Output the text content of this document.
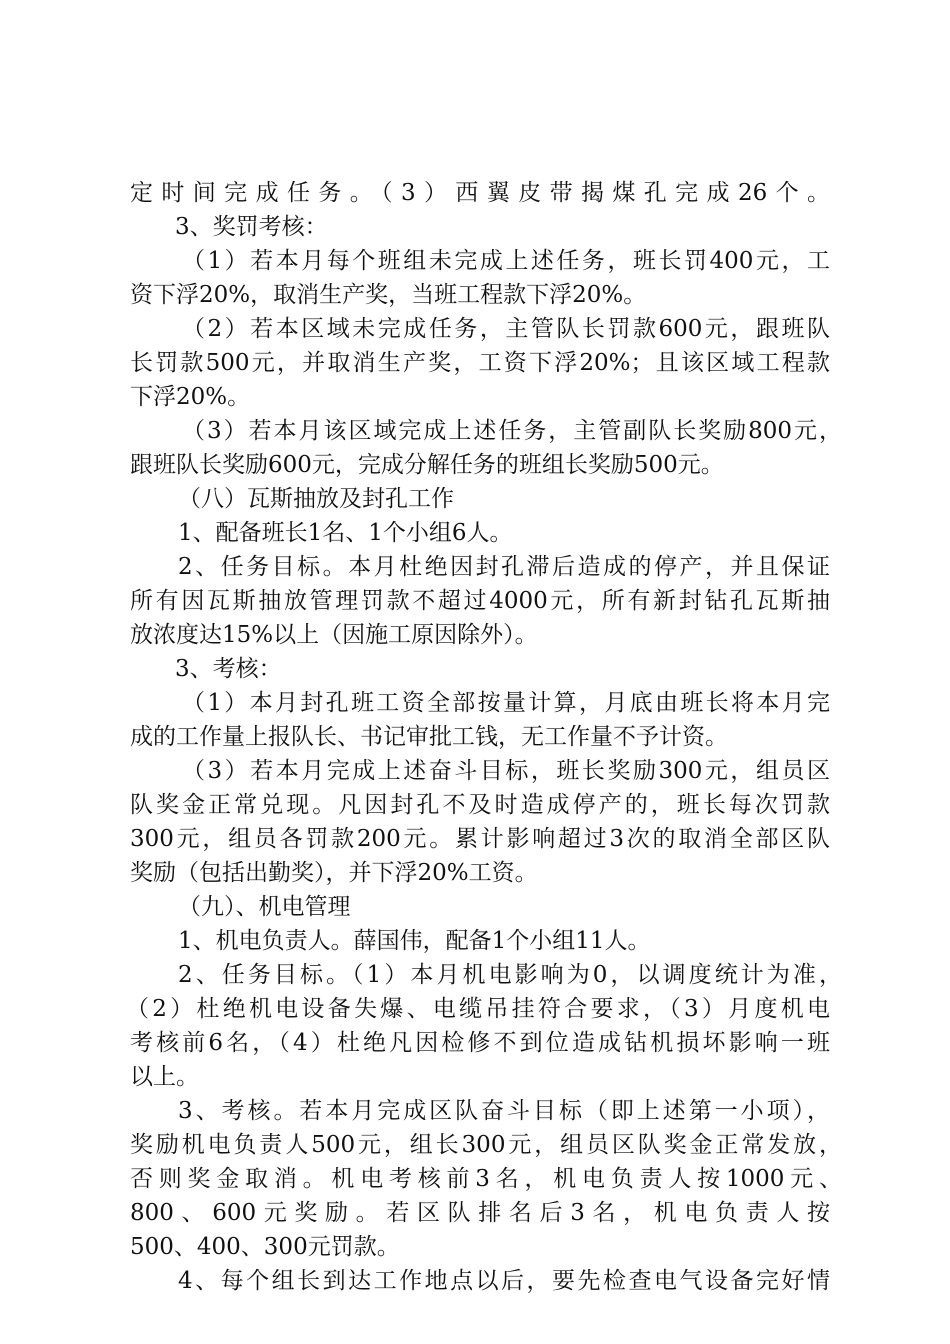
定时间完成任务。（3）西翼皮带揭煤孔完成26个。
3、奖罚考核：
（1）若本月每个班组未完成上述任务，班长罚400元，工
资下浮20%，取消生产奖，当班工程款下浮20%。
（2）若本区域未完成任务，主管队长罚款600元，跟班队
长罚款500元，并取消生产奖，工资下浮20%；且该区域工程款
下浮20%。
（3）若本月该区域完成上述任务，主管副队长奖励800元，
跟班队长奖励600元，完成分解任务的班组长奖励500元。
（八）瓦斯抽放及封孔工作
1、配备班长1名、1个小组6人。
2、任务目标。本月杜绝因封孔滞后造成的停产，并且保证
所有因瓦斯抽放管理罚款不超过4000元，所有新封钻孔瓦斯抽
放浓度达15%以上（因施工原因除外）。
3、考核：
（1）本月封孔班工资全部按量计算，月底由班长将本月完
成的工作量上报队长、书记审批工钱，无工作量不予计资。
（3）若本月完成上述奋斗目标，班长奖励300元，组员区
队奖金正常兑现。凡因封孔不及时造成停产的，班长每次罚款
300元，组员各罚款200元。累计影响超过3次的取消全部区队
奖励（包括出勤奖），并下浮20%工资。
（九）、机电管理
1、机电负责人。薛国伟，配备1个小组11人。
2、任务目标。（1）本月机电影响为0，以调度统计为准，
（2）杜绝机电设备失爆、电缆吊挂符合要求，（3）月度机电
考核前6名，（4）杜绝凡因检修不到位造成钻机损坏影响一班
以上。
3、考核。若本月完成区队奋斗目标（即上述第一小项），
奖励机电负责人500元，组长300元，组员区队奖金正常发放，
否则奖金取消。机电考核前3名，机电负责人按1000元、
800、600元奖励。若区队排名后3名，机电负责人按
500、400、300元罚款。
4、每个组长到达工作地点以后，要先检查电气设备完好情
